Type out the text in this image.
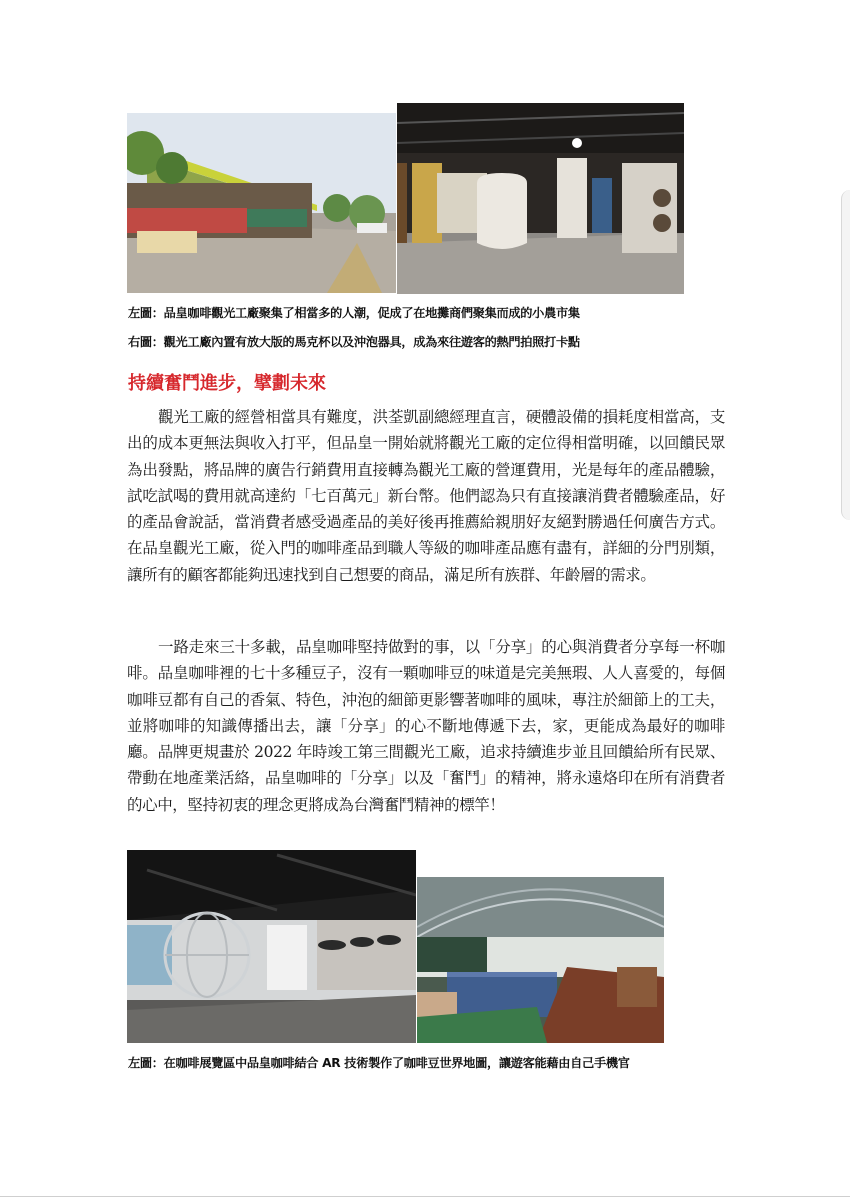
左圖：品皇咖啡觀光工廠聚集了相當多的人潮，促成了在地攤商們聚集而成的小農市集
右圖：觀光工廠內置有放大版的馬克杯以及沖泡器具，成為來往遊客的熱門拍照打卡點
持續奮鬥進步，擘劃未來

觀光工廠的經營相當具有難度，洪荃凱副總經理直言，硬體設備的損耗度相當高，支出的成本更無法與收入打平，但品皇一開始就將觀光工廠的定位得相當明確，以回饋民眾為出發點，將品牌的廣告行銷費用直接轉為觀光工廠的營運費用，光是每年的產品體驗，試吃試喝的費用就高達約「七百萬元」新台幣。他們認為只有直接讓消費者體驗產品，好的產品會說話，當消費者感受過產品的美好後再推薦給親朋好友絕對勝過任何廣告方式。在品皇觀光工廠，從入門的咖啡產品到職人等級的咖啡產品應有盡有，詳細的分門別類，讓所有的顧客都能夠迅速找到自己想要的商品，滿足所有族群、年齡層的需求。

一路走來三十多載，品皇咖啡堅持做對的事，以「分享」的心與消費者分享每一杯咖啡。品皇咖啡裡的七十多種豆子，沒有一顆咖啡豆的味道是完美無瑕、人人喜愛的，每個咖啡豆都有自己的香氣、特色，沖泡的細節更影響著咖啡的風味，專注於細節上的工夫，並將咖啡的知識傳播出去，讓「分享」的心不斷地傳遞下去，家，更能成為最好的咖啡廳。品牌更規畫於 2022 年時竣工第三間觀光工廠，追求持續進步並且回饋給所有民眾、帶動在地產業活絡，品皇咖啡的「分享」以及「奮鬥」的精神，將永遠烙印在所有消費者的心中，堅持初衷的理念更將成為台灣奮鬥精神的標竿！

左圖：在咖啡展覽區中品皇咖啡結合 AR 技術製作了咖啡豆世界地圖，讓遊客能藉由自己手機官
